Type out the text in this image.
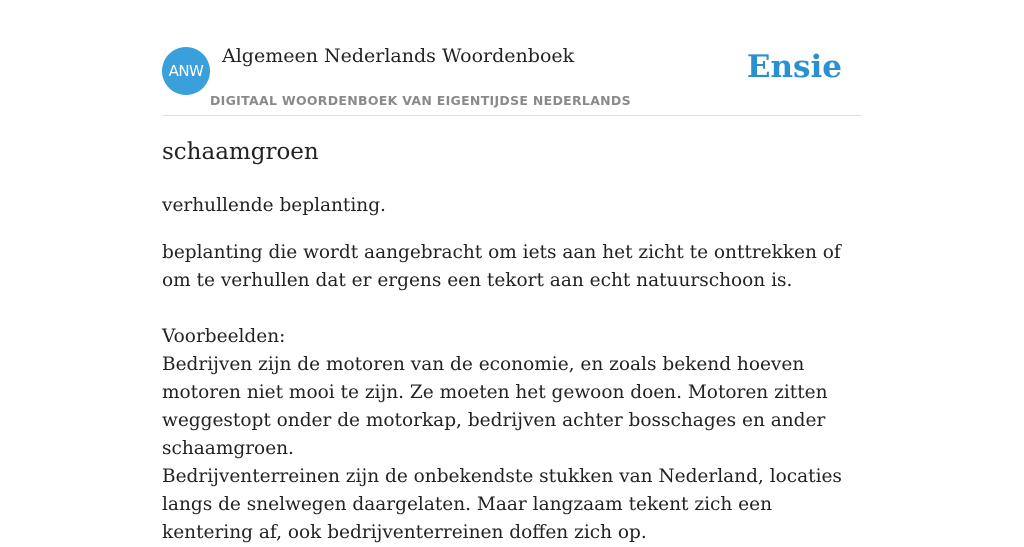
ANW
Algemeen Nederlands Woordenboek
DIGITAAL WOORDENBOEK VAN EIGENTIJDSE NEDERLANDS
Ensie
schaamgroen
verhullende beplanting.

beplanting die wordt aangebracht om iets aan het zicht te onttrekken of om te verhullen dat er ergens een tekort aan echt natuurschoon is.

Voorbeelden:

Bedrijven zijn de motoren van de economie, en zoals bekend hoeven motoren niet mooi te zijn. Ze moeten het gewoon doen. Motoren zitten weggestopt onder de motorkap, bedrijven achter bosschages en ander schaamgroen.

Bedrijventerreinen zijn de onbekendste stukken van Nederland, locaties langs de snelwegen daargelaten. Maar langzaam tekent zich een kentering af, ook bedrijventerreinen doffen zich op.
